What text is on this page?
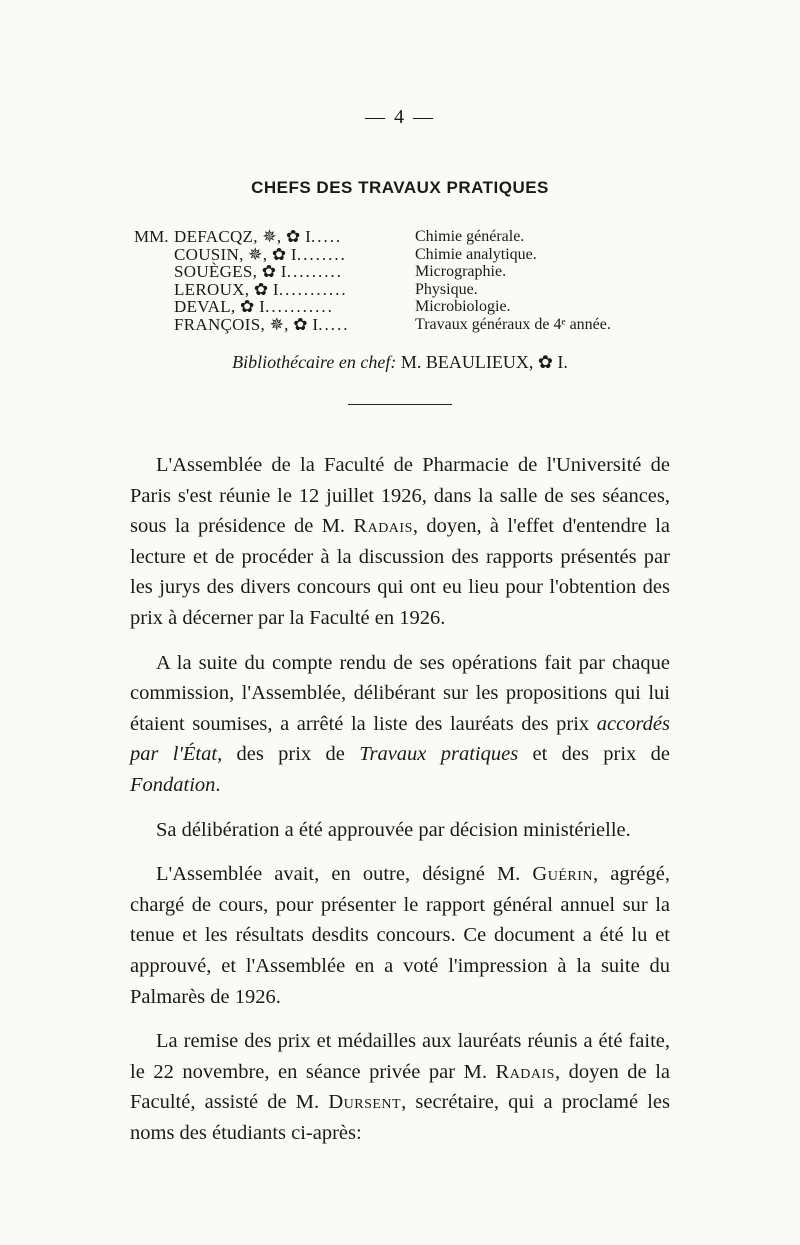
— 4 —
CHEFS DES TRAVAUX PRATIQUES
MM. DEFACQZ, ✵, ✿ I.....	Chimie générale.
COUSIN, ✵, ✿ I........	Chimie analytique.
SOUÈGES, ✿ I.........	Micrographie.
LEROUX, ✿ I...........	Physique.
DEVAL, ✿ I...........	Microbiologie.
FRANÇOIS, ✵, ✿ I.....	Travaux généraux de 4ᵉ année.
Bibliothécaire en chef: M. BEAULIEUX, ✿ I.

L'Assemblée de la Faculté de Pharmacie de l'Université de Paris s'est réunie le 12 juillet 1926, dans la salle de ses séances, sous la présidence de M. Radais, doyen, à l'effet d'entendre la lecture et de procéder à la discussion des rapports présentés par les jurys des divers concours qui ont eu lieu pour l'obtention des prix à décerner par la Faculté en 1926.

A la suite du compte rendu de ses opérations fait par chaque commission, l'Assemblée, délibérant sur les propositions qui lui étaient soumises, a arrêté la liste des lauréats des prix accordés par l'État, des prix de Travaux pratiques et des prix de Fondation.

Sa délibération a été approuvée par décision ministérielle.

L'Assemblée avait, en outre, désigné M. Guérin, agrégé, chargé de cours, pour présenter le rapport général annuel sur la tenue et les résultats desdits concours. Ce document a été lu et approuvé, et l'Assemblée en a voté l'impression à la suite du Palmarès de 1926.

La remise des prix et médailles aux lauréats réunis a été faite, le 22 novembre, en séance privée par M. Radais, doyen de la Faculté, assisté de M. Dursent, secrétaire, qui a proclamé les noms des étudiants ci-après:
